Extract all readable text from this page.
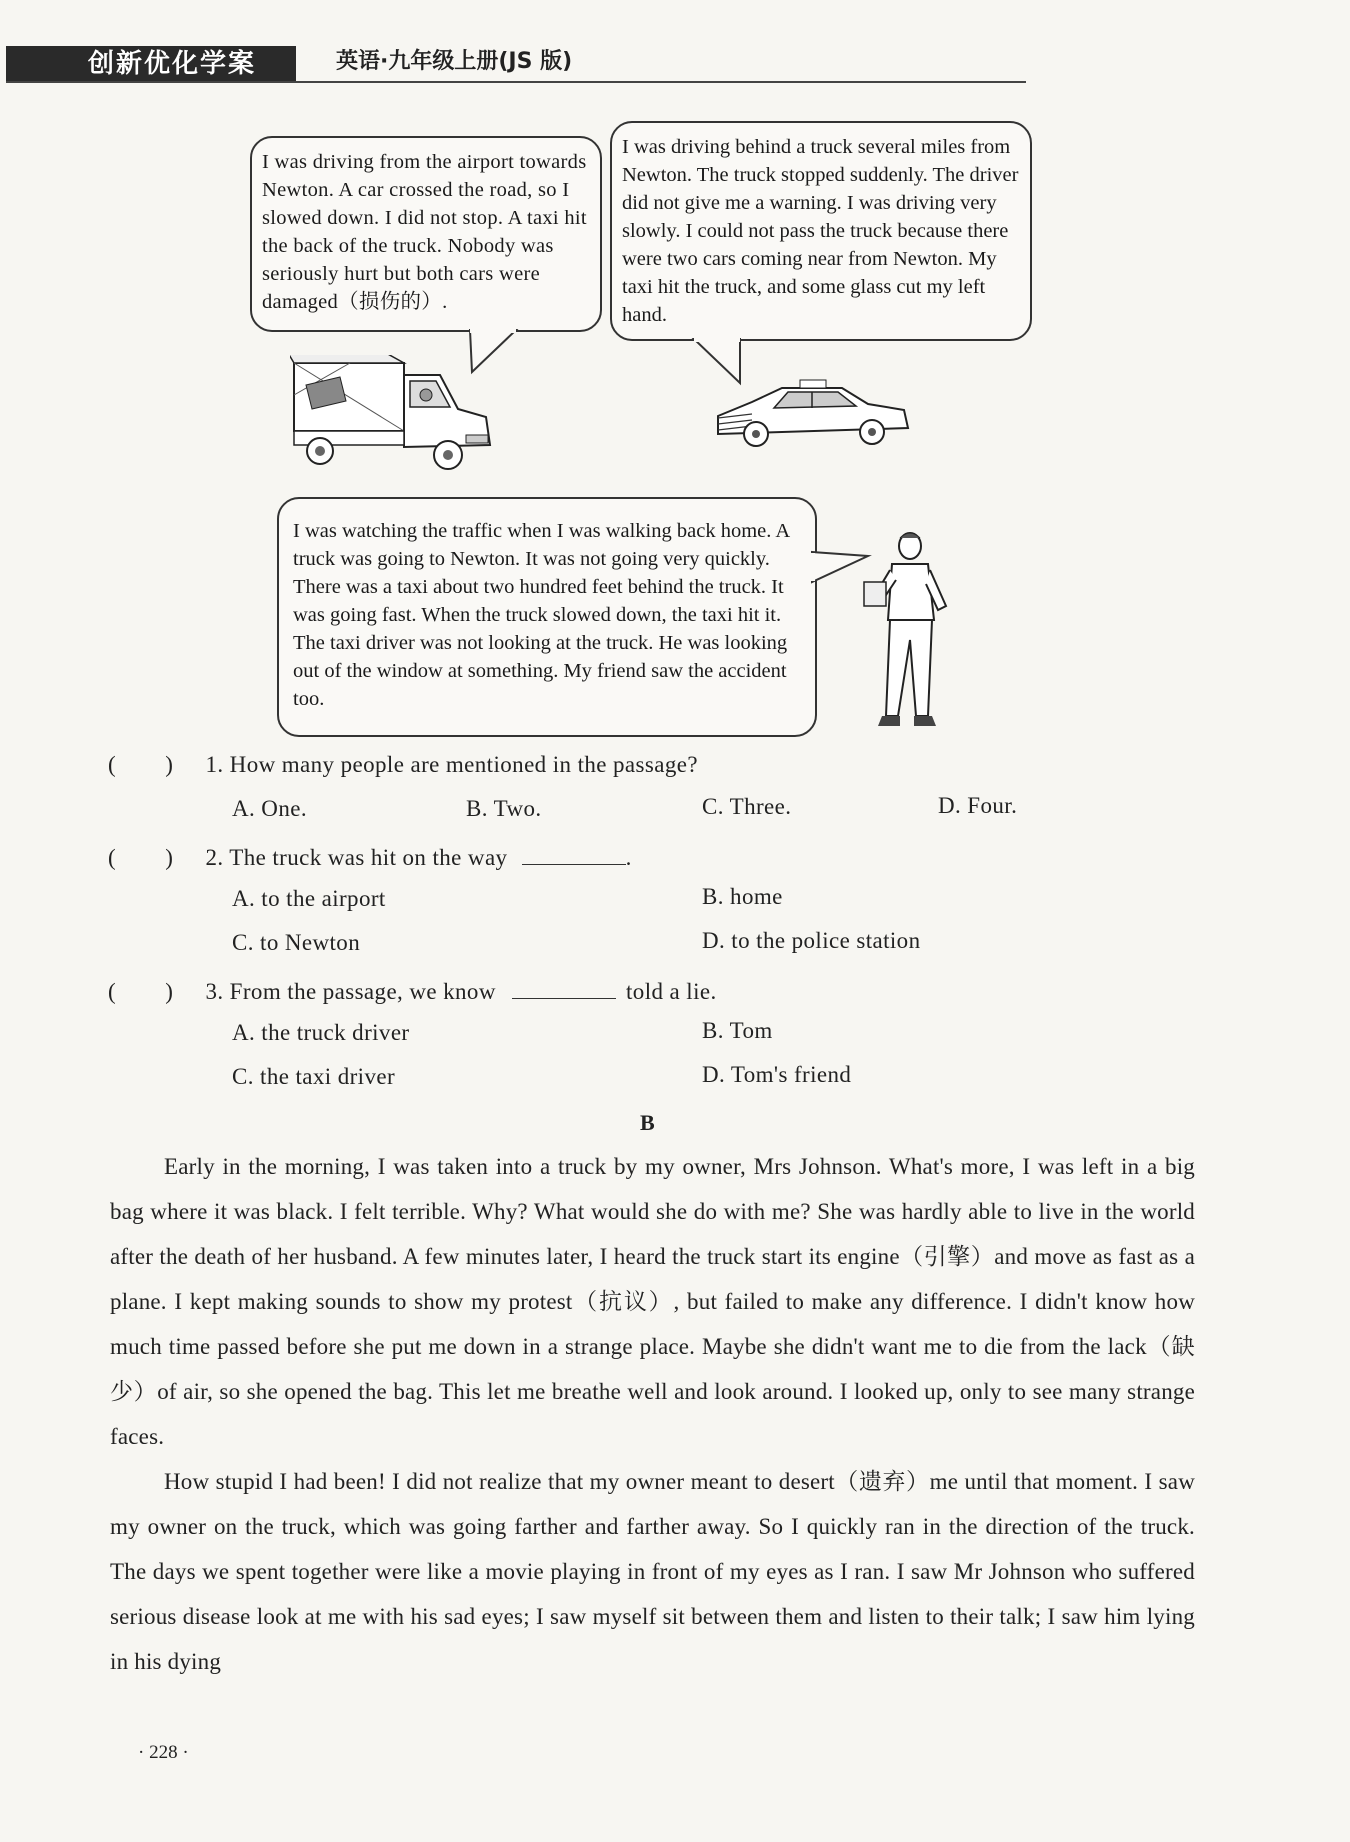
创新优化学案	英语·九年级上册(JS 版)
I was driving from the airport towards Newton. A car crossed the road, so I slowed down. I did not stop. A taxi hit the back of the truck. Nobody was seriously hurt but both cars were damaged（损伤的）.
I was driving behind a truck several miles from Newton. The truck stopped suddenly. The driver did not give me a warning. I was driving very slowly. I could not pass the truck because there were two cars coming near from Newton. My taxi hit the truck, and some glass cut my left hand.
I was watching the traffic when I was walking back home. A truck was going to Newton. It was not going very quickly. There was a taxi about two hundred feet behind the truck. It was going fast. When the truck slowed down, the taxi hit it. The taxi driver was not looking at the truck. He was looking out of the window at something. My friend saw the accident too.
(        ) 1. How many people are mentioned in the passage?
A. One.	B. Two.	C. Three.	D. Four.
(        ) 2. The truck was hit on the way	.
A. to the airport	B. home
C. to Newton	D. to the police station
(        ) 3. From the passage, we know	told a lie.
A. the truck driver	B. Tom
C. the taxi driver	D. Tom's friend
B

Early in the morning, I was taken into a truck by my owner, Mrs Johnson. What's more, I was left in a big bag where it was black. I felt terrible. Why? What would she do with me? She was hardly able to live in the world after the death of her husband. A few minutes later, I heard the truck start its engine（引擎）and move as fast as a plane. I kept making sounds to show my protest（抗议）, but failed to make any difference. I didn't know how much time passed before she put me down in a strange place. Maybe she didn't want me to die from the lack（缺少）of air, so she opened the bag. This let me breathe well and look around. I looked up, only to see many strange faces.

How stupid I had been! I did not realize that my owner meant to desert（遗弃）me until that moment. I saw my owner on the truck, which was going farther and farther away. So I quickly ran in the direction of the truck. The days we spent together were like a movie playing in front of my eyes as I ran. I saw Mr Johnson who suffered serious disease look at me with his sad eyes; I saw myself sit between them and listen to their talk; I saw him lying in his dying

· 228 ·
